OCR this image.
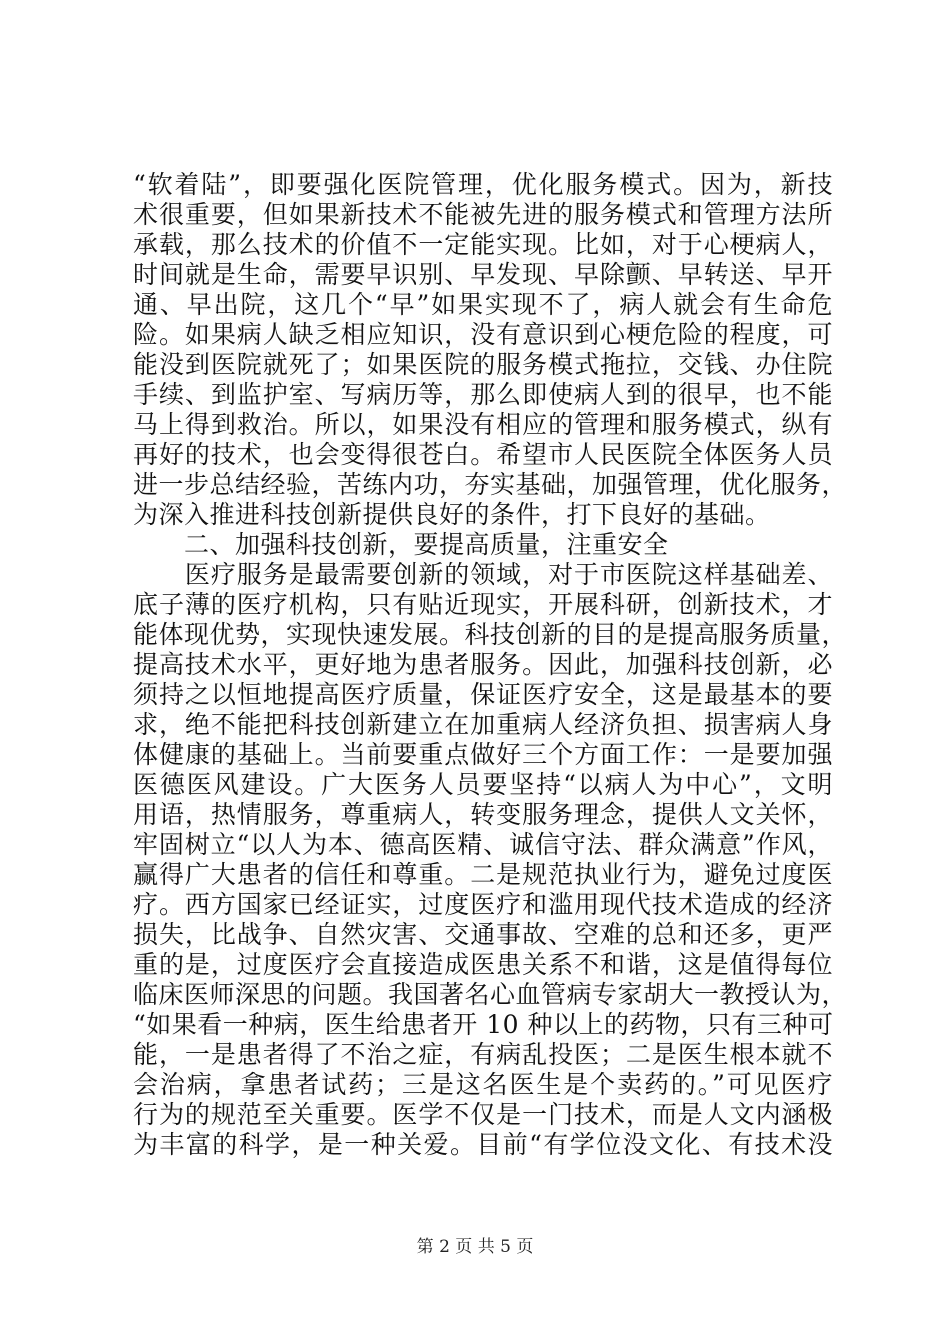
“软着陆”，即要强化医院管理，优化服务模式。因为，新技
术很重要，但如果新技术不能被先进的服务模式和管理方法所
承载，那么技术的价值不一定能实现。比如，对于心梗病人，
时间就是生命，需要早识别、早发现、早除颤、早转送、早开
通、早出院，这几个“早”如果实现不了，病人就会有生命危
险。如果病人缺乏相应知识，没有意识到心梗危险的程度，可
能没到医院就死了；如果医院的服务模式拖拉，交钱、办住院
手续、到监护室、写病历等，那么即使病人到的很早，也不能
马上得到救治。所以，如果没有相应的管理和服务模式，纵有
再好的技术，也会变得很苍白。希望市人民医院全体医务人员
进一步总结经验，苦练内功，夯实基础，加强管理，优化服务，
为深入推进科技创新提供良好的条件，打下良好的基础。
　　二、加强科技创新，要提高质量，注重安全
　　医疗服务是最需要创新的领域，对于市医院这样基础差、
底子薄的医疗机构，只有贴近现实，开展科研，创新技术，才
能体现优势，实现快速发展。科技创新的目的是提高服务质量，
提高技术水平，更好地为患者服务。因此，加强科技创新，必
须持之以恒地提高医疗质量，保证医疗安全，这是最基本的要
求，绝不能把科技创新建立在加重病人经济负担、损害病人身
体健康的基础上。当前要重点做好三个方面工作：一是要加强
医德医风建设。广大医务人员要坚持“以病人为中心”，文明
用语，热情服务，尊重病人，转变服务理念，提供人文关怀，
牢固树立“以人为本、德高医精、诚信守法、群众满意”作风，
赢得广大患者的信任和尊重。二是规范执业行为，避免过度医
疗。西方国家已经证实，过度医疗和滥用现代技术造成的经济
损失，比战争、自然灾害、交通事故、空难的总和还多，更严
重的是，过度医疗会直接造成医患关系不和谐，这是值得每位
临床医师深思的问题。我国著名心血管病专家胡大一教授认为，
“如果看一种病，医生给患者开 10 种以上的药物，只有三种可
能，一是患者得了不治之症，有病乱投医；二是医生根本就不
会治病，拿患者试药；三是这名医生是个卖药的。”可见医疗
行为的规范至关重要。医学不仅是一门技术，而是人文内涵极
为丰富的科学，是一种关爱。目前“有学位没文化、有技术没
第 2 页 共 5 页
